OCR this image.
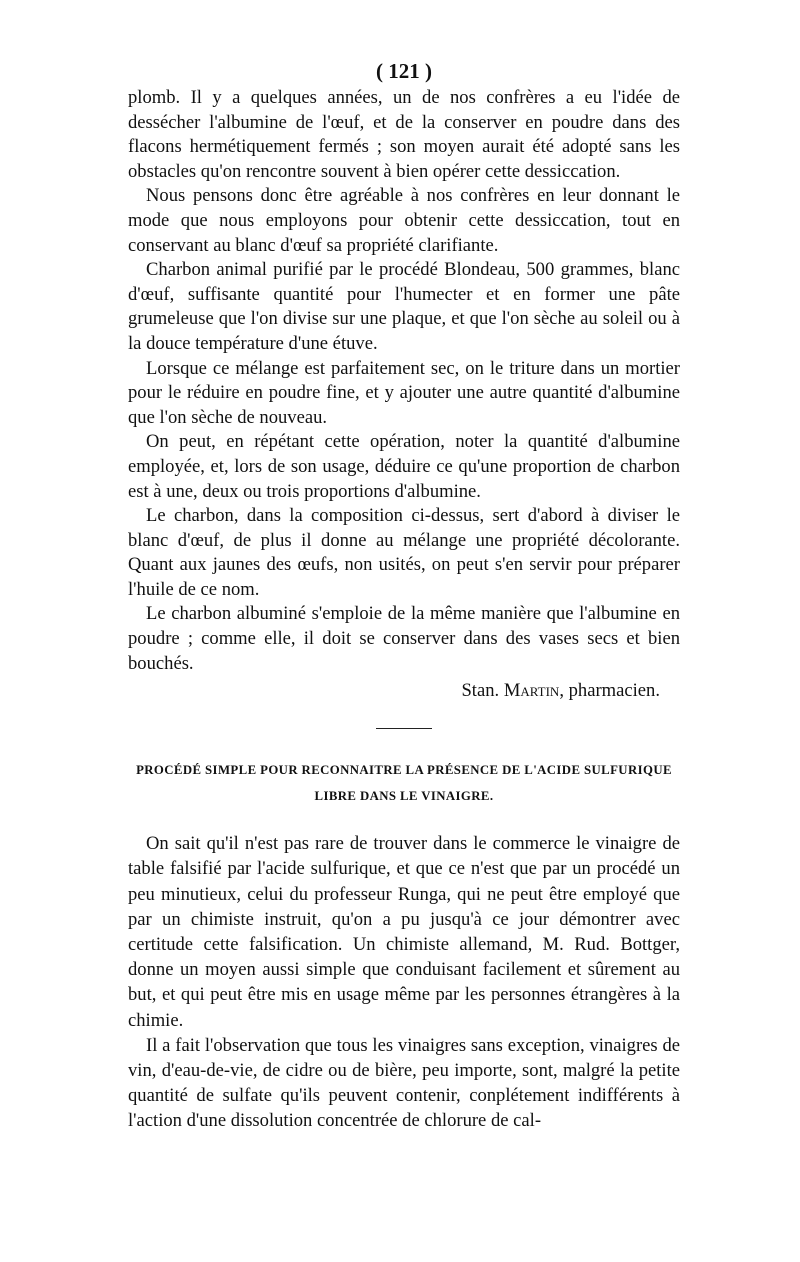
( 121 )

plomb. Il y a quelques années, un de nos confrères a eu l'idée de dessécher l'albumine de l'œuf, et de la conserver en poudre dans des flacons hermétiquement fermés ; son moyen aurait été adopté sans les obstacles qu'on rencontre souvent à bien opérer cette dessiccation.

Nous pensons donc être agréable à nos confrères en leur donnant le mode que nous employons pour obtenir cette dessiccation, tout en conservant au blanc d'œuf sa propriété clarifiante.

Charbon animal purifié par le procédé Blondeau, 500 grammes, blanc d'œuf, suffisante quantité pour l'humecter et en former une pâte grumeleuse que l'on divise sur une plaque, et que l'on sèche au soleil ou à la douce température d'une étuve.

Lorsque ce mélange est parfaitement sec, on le triture dans un mortier pour le réduire en poudre fine, et y ajouter une autre quantité d'albumine que l'on sèche de nouveau.

On peut, en répétant cette opération, noter la quantité d'albumine employée, et, lors de son usage, déduire ce qu'une proportion de charbon est à une, deux ou trois proportions d'albumine.

Le charbon, dans la composition ci-dessus, sert d'abord à diviser le blanc d'œuf, de plus il donne au mélange une propriété décolorante. Quant aux jaunes des œufs, non usités, on peut s'en servir pour préparer l'huile de ce nom.

Le charbon albuminé s'emploie de la même manière que l'albumine en poudre ; comme elle, il doit se conserver dans des vases secs et bien bouchés.

Stan. Martin, pharmacien.

PROCÉDÉ SIMPLE POUR RECONNAITRE LA PRÉSENCE DE L'ACIDE SULFURIQUE

LIBRE DANS LE VINAIGRE.

On sait qu'il n'est pas rare de trouver dans le commerce le vinaigre de table falsifié par l'acide sulfurique, et que ce n'est que par un procédé un peu minutieux, celui du professeur Runga, qui ne peut être employé que par un chimiste instruit, qu'on a pu jusqu'à ce jour démontrer avec certitude cette falsification. Un chimiste allemand, M. Rud. Bottger, donne un moyen aussi simple que conduisant facilement et sûrement au but, et qui peut être mis en usage même par les personnes étrangères à la chimie.

Il a fait l'observation que tous les vinaigres sans exception, vinaigres de vin, d'eau-de-vie, de cidre ou de bière, peu importe, sont, malgré la petite quantité de sulfate qu'ils peuvent contenir, conplétement indifférents à l'action d'une dissolution concentrée de chlorure de cal-
